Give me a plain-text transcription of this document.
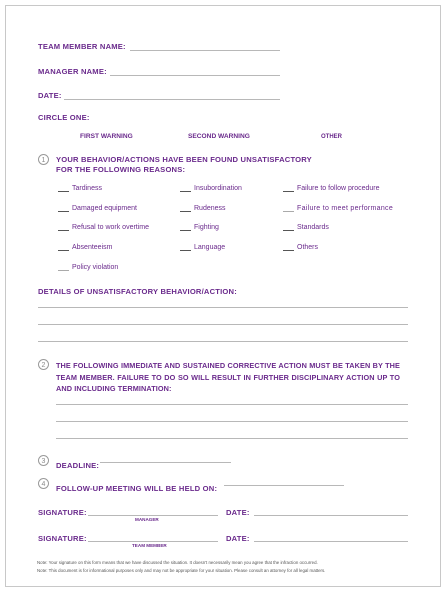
TEAM MEMBER NAME:
MANAGER NAME:
DATE:
CIRCLE ONE:
FIRST WARNING	SECOND WARNING	OTHER
1	YOUR BEHAVIOR/ACTIONS HAVE BEEN FOUND UNSATISFACTORY
FOR THE FOLLOWING REASONS:
Tardiness	Insubordination	Failure to follow procedure
Damaged equipment	Rudeness	Failure to meet performance
Refusal to work overtime	Fighting	Standards
Absenteeism	Language	Others
Policy violation
DETAILS OF UNSATISFACTORY BEHAVIOR/ACTION:
2	THE FOLLOWING IMMEDIATE AND SUSTAINED CORRECTIVE ACTION MUST BE TAKEN BY THE TEAM MEMBER. FAILURE TO DO SO WILL RESULT IN FURTHER DISCIPLINARY ACTION UP TO AND INCLUDING TERMINATION:
3	DEADLINE:
4	FOLLOW-UP MEETING WILL BE HELD ON:
SIGNATURE:
MANAGER
DATE:
SIGNATURE:
TEAM MEMBER
DATE:
Note: Your signature on this form means that we have discussed the situation. It doesn't necessarily mean you agree that the infraction occurred.
Note: This document is for informational purposes only and may not be appropriate for your situation. Please consult an attorney for all legal matters.
